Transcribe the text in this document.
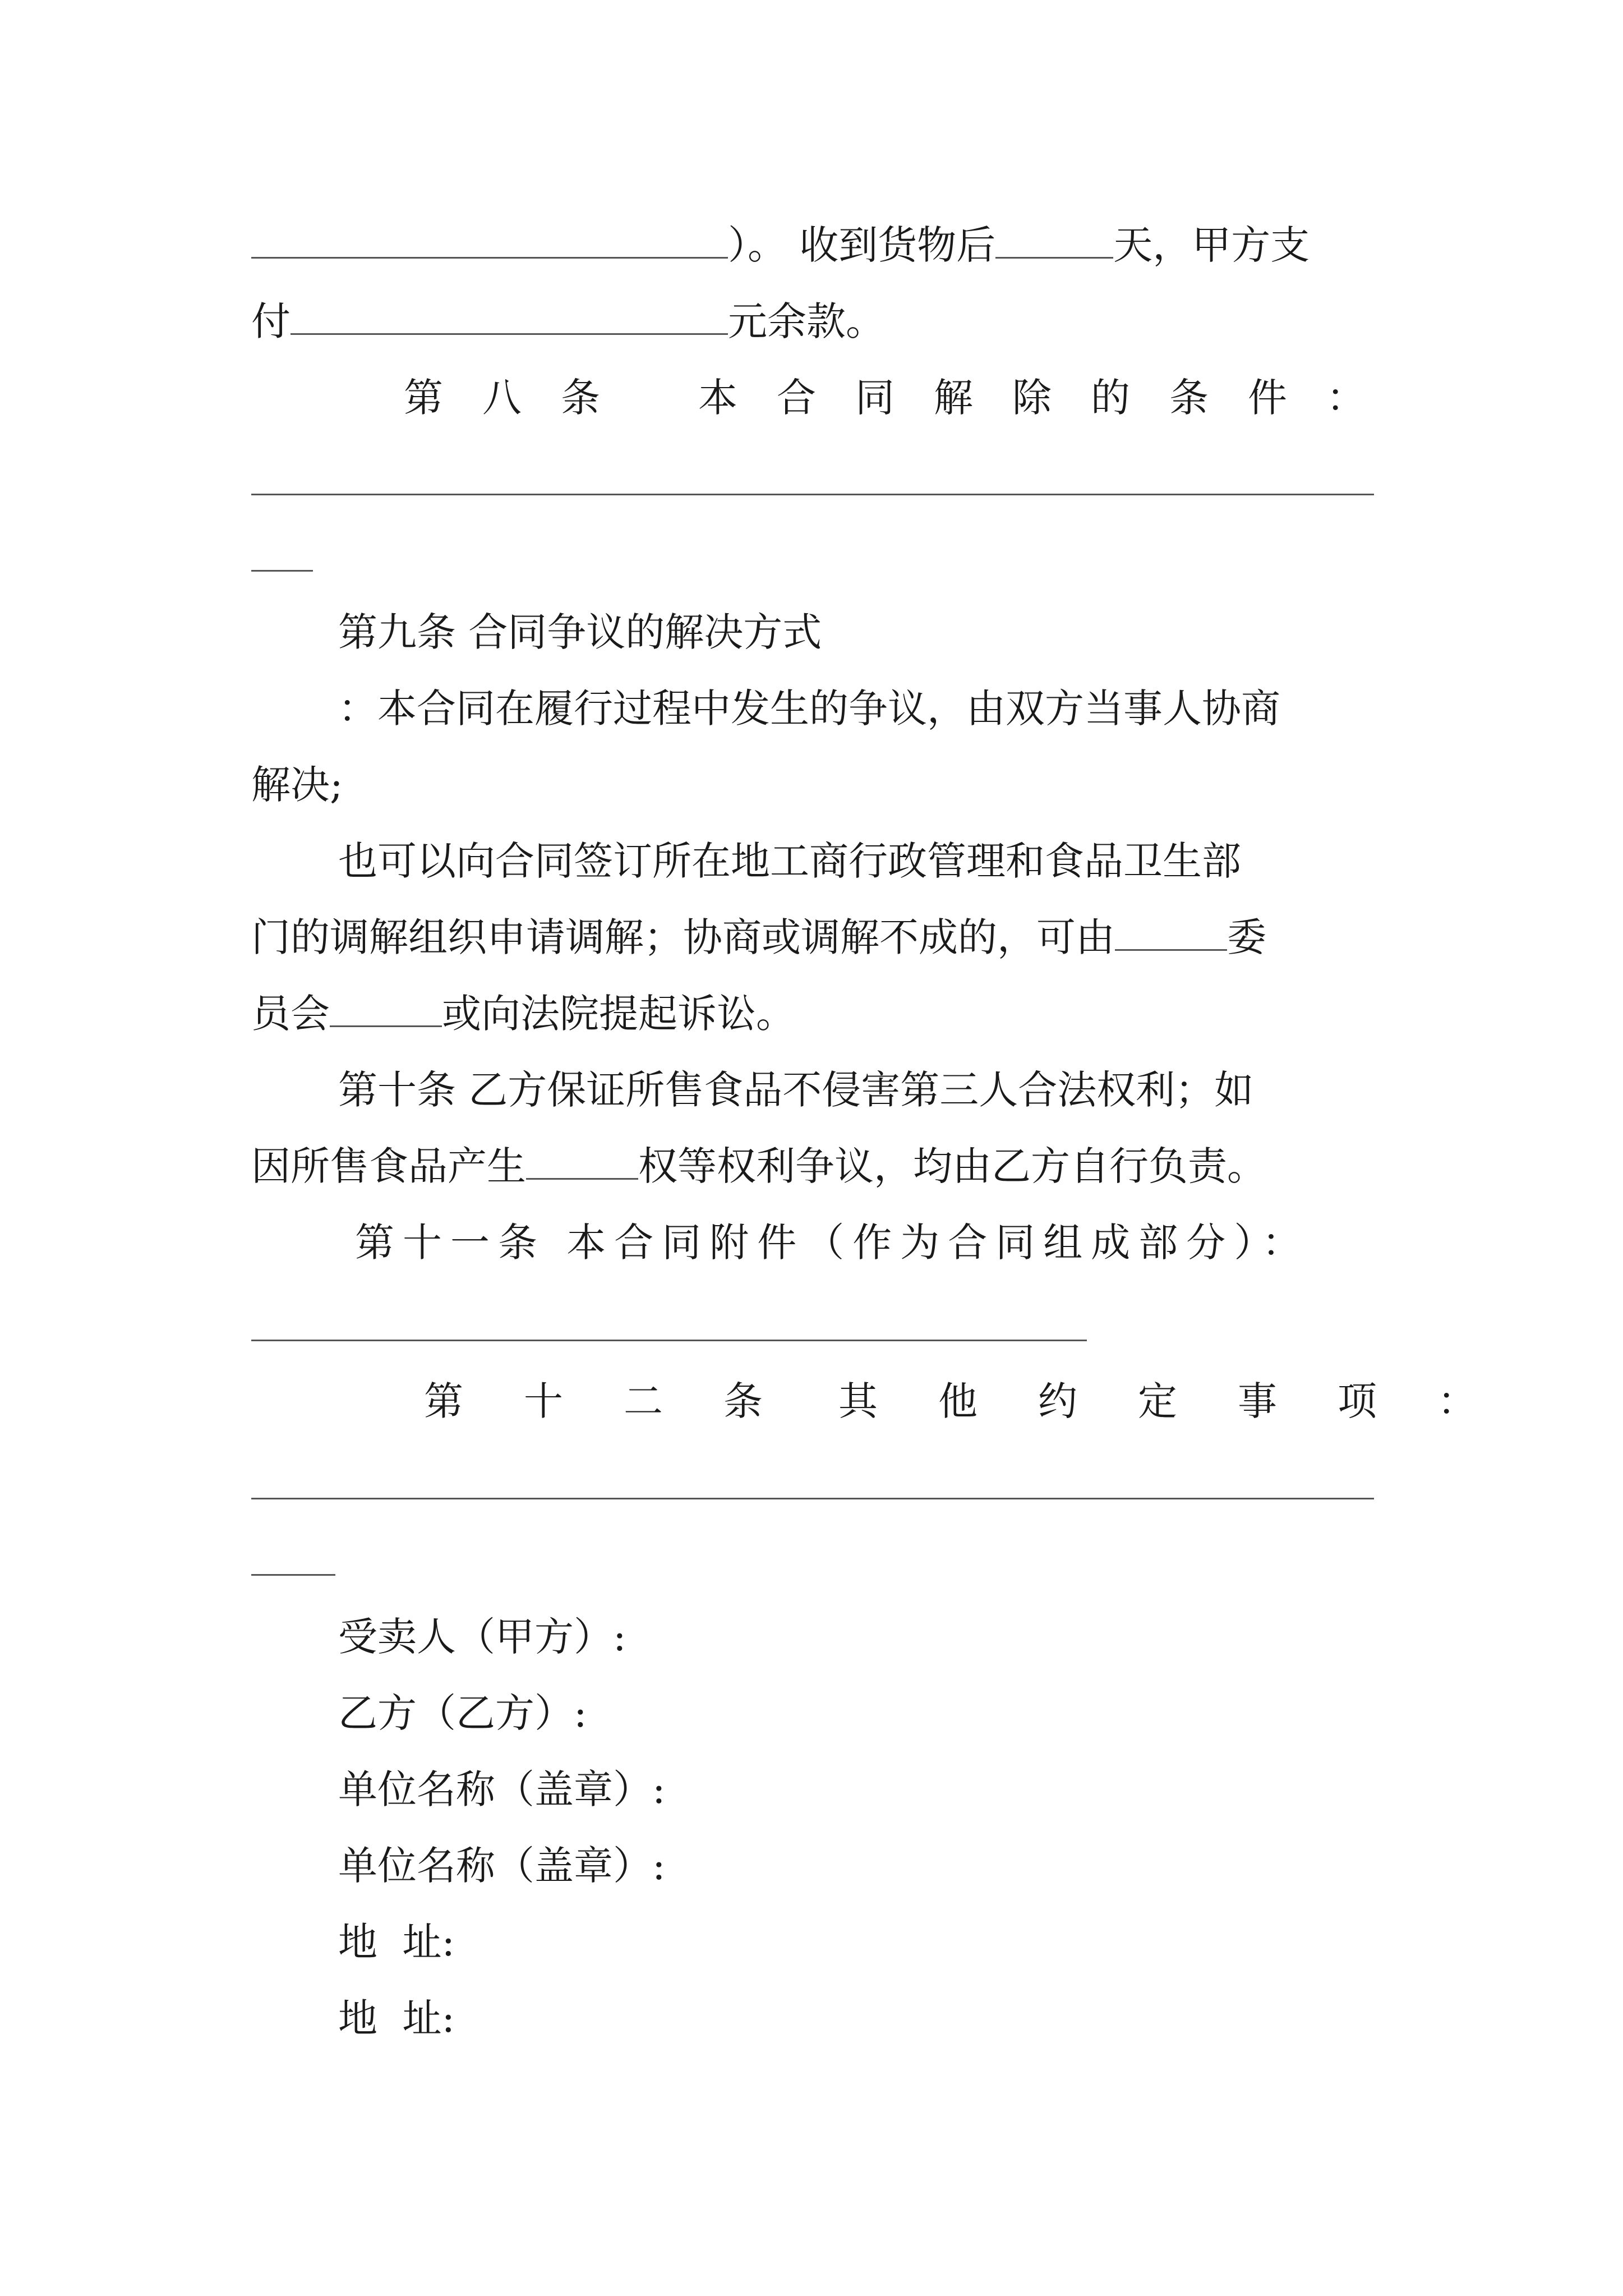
）。 收到货物后	天，甲方支
付	元余款。
第 八 条	本 合 同 解 除 的 条 件 ：
第九条 合同争议的解决方式
：本合同在履行过程中发生的争议，由双方当事人协商
解决;
也可以向合同签订所在地工商行政管理和食品卫生部
门的调解组织申请调解；协商或调解不成的，可由	委
员会	或向法院提起诉讼。
第十条 乙方保证所售食品不侵害第三人合法权利；如
因所售食品产生	权等权利争议，均由乙方自行负责。
第十一条 本合同附件（作为合同组成部分）：
第 十 二 条 其 他 约 定 事 项 ：
受卖人（甲方）:
乙方（乙方）:
单位名称（盖章）:
单位名称（盖章）:
地  址:
地  址:
